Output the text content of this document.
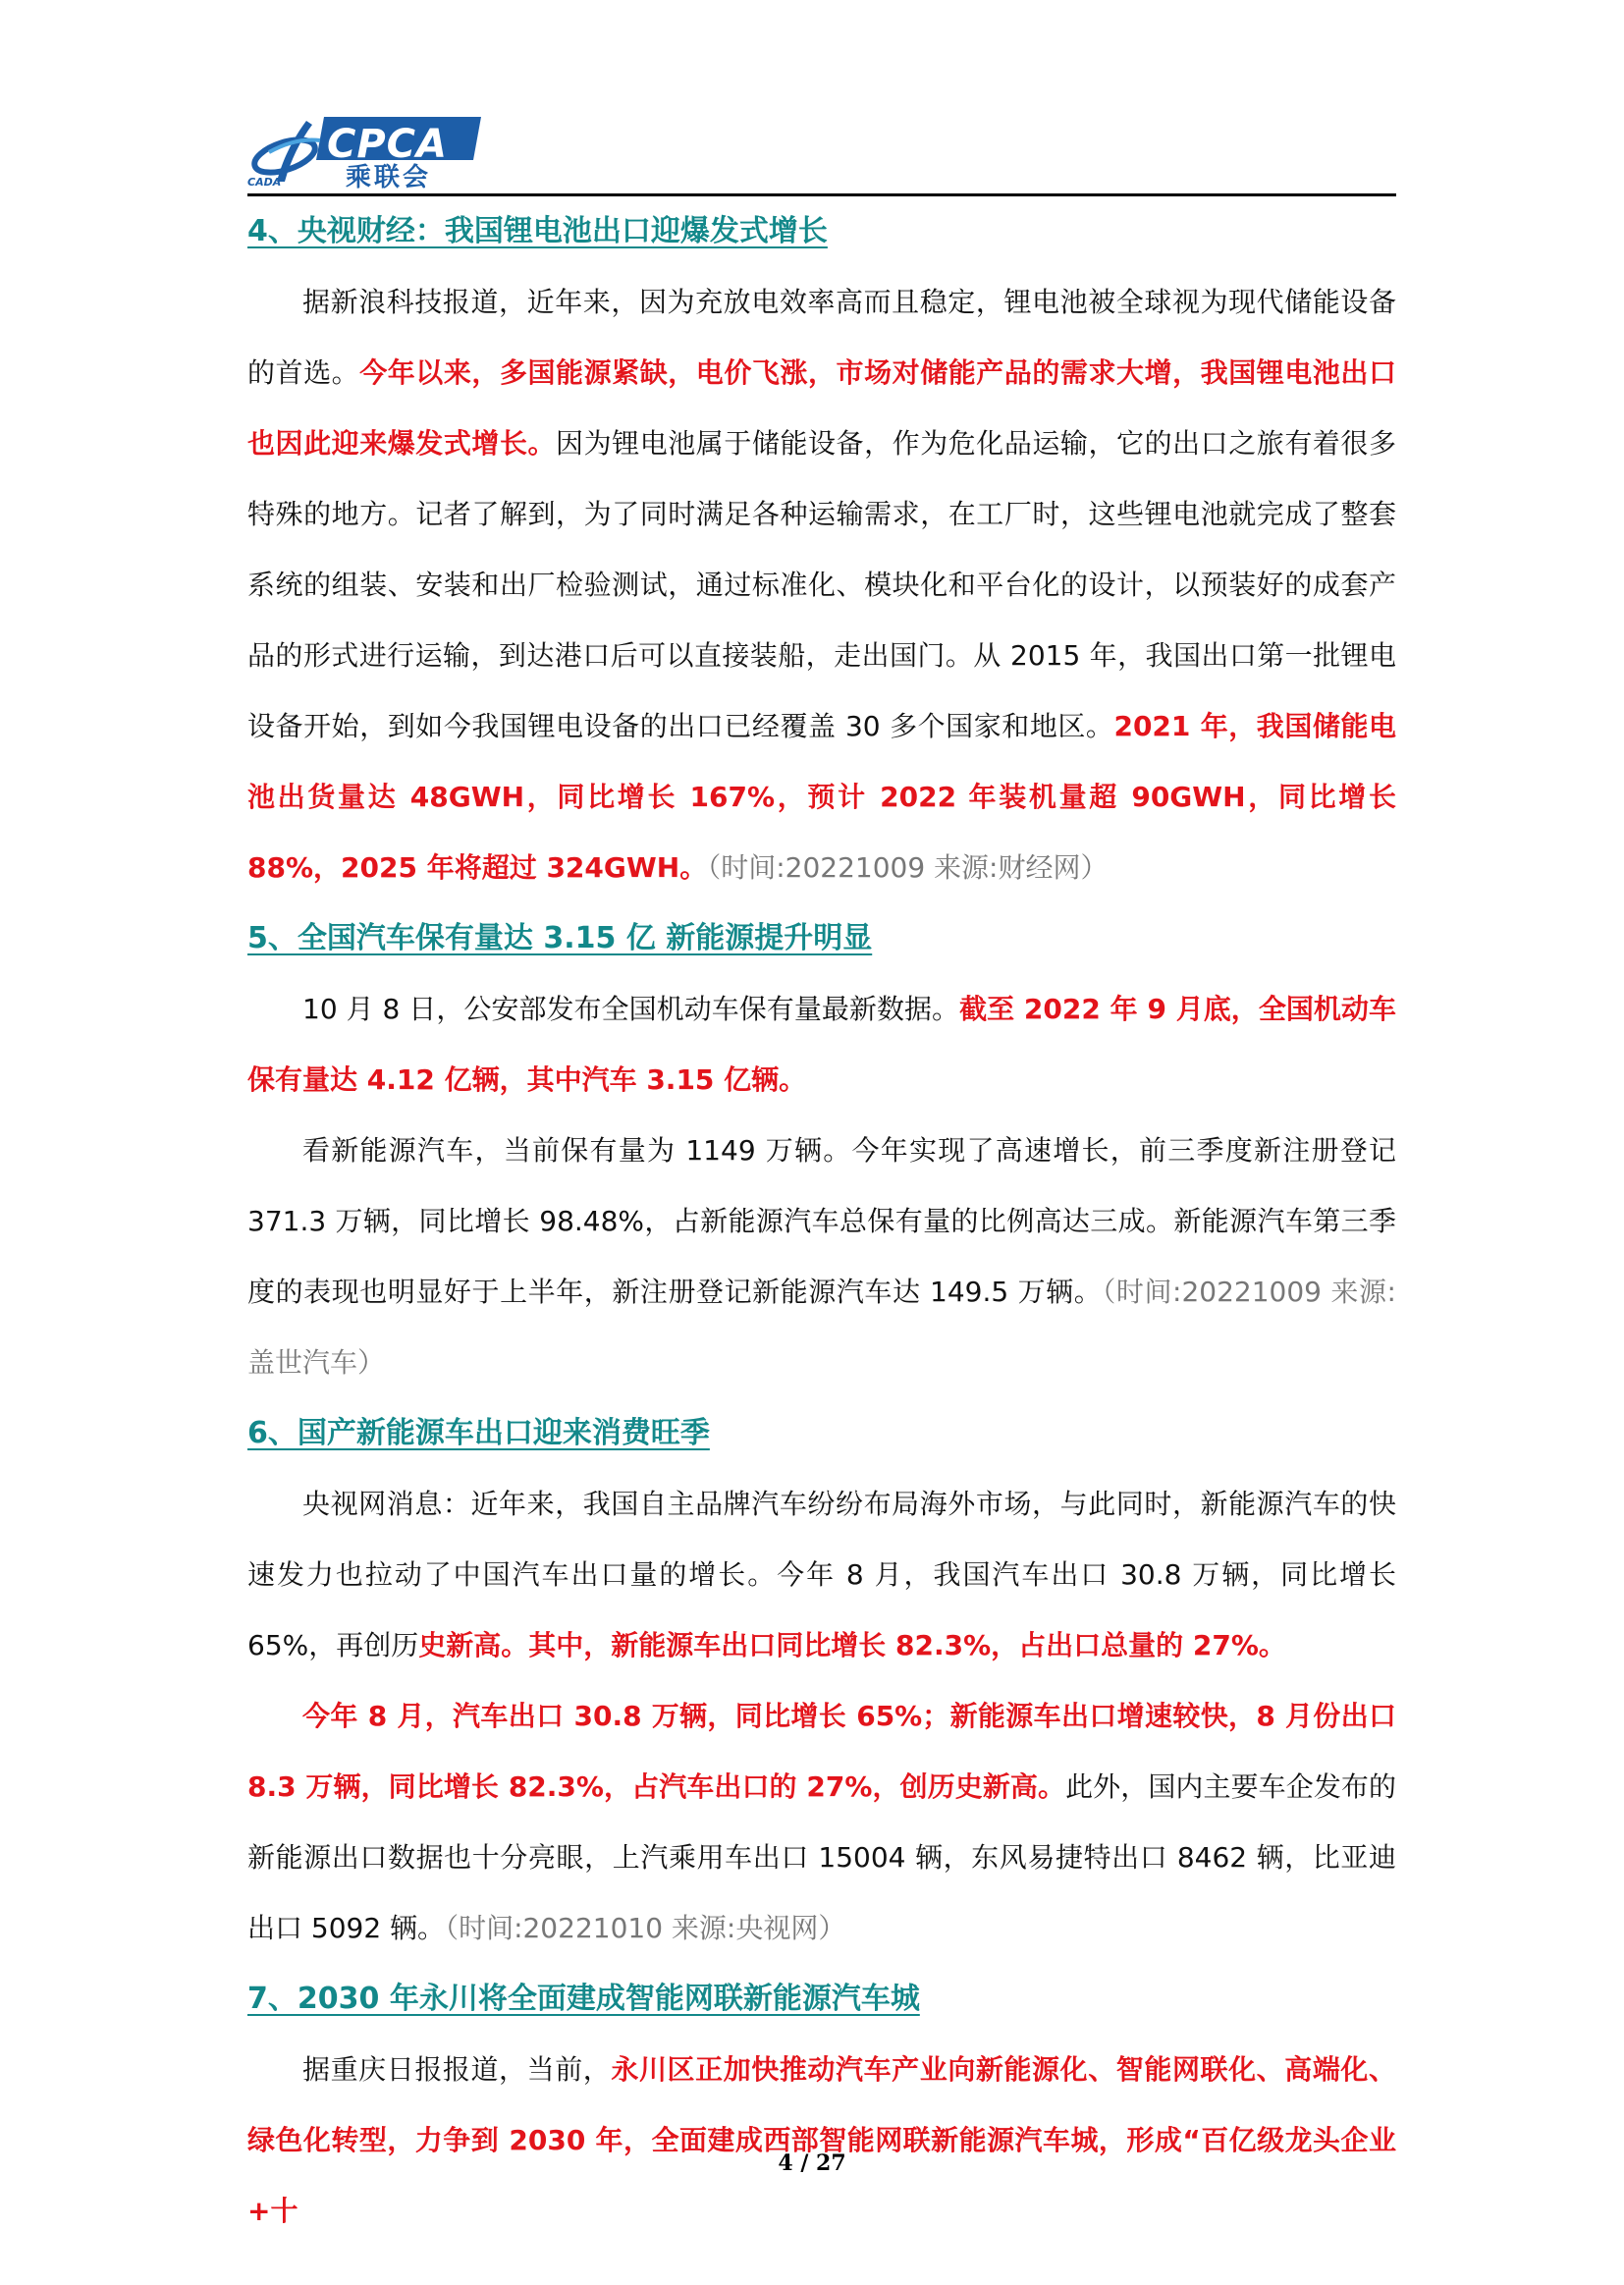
CPCA
乘联会
CADA
4、央视财经：我国锂电池出口迎爆发式增长

据新浪科技报道，近年来，因为充放电效率高而且稳定，锂电池被全球视为现代储能设备的首选。今年以来，多国能源紧缺，电价飞涨，市场对储能产品的需求大增，我国锂电池出口也因此迎来爆发式增长。因为锂电池属于储能设备，作为危化品运输，它的出口之旅有着很多特殊的地方。记者了解到，为了同时满足各种运输需求，在工厂时，这些锂电池就完成了整套系统的组装、安装和出厂检验测试，通过标准化、模块化和平台化的设计，以预装好的成套产品的形式进行运输，到达港口后可以直接装船，走出国门。从 2015 年，我国出口第一批锂电设备开始，到如今我国锂电设备的出口已经覆盖 30 多个国家和地区。2021 年，我国储能电池出货量达 48GWH，同比增长 167%，预计 2022 年装机量超 90GWH，同比增长 88%，2025 年将超过 324GWH。（时间:20221009 来源:财经网）

5、全国汽车保有量达 3.15 亿 新能源提升明显

10 月 8 日，公安部发布全国机动车保有量最新数据。截至 2022 年 9 月底，全国机动车保有量达 4.12 亿辆，其中汽车 3.15 亿辆。

看新能源汽车，当前保有量为 1149 万辆。今年实现了高速增长，前三季度新注册登记 371.3 万辆，同比增长 98.48%，占新能源汽车总保有量的比例高达三成。新能源汽车第三季度的表现也明显好于上半年，新注册登记新能源汽车达 149.5 万辆。（时间:20221009 来源:盖世汽车）

6、国产新能源车出口迎来消费旺季

央视网消息：近年来，我国自主品牌汽车纷纷布局海外市场，与此同时，新能源汽车的快速发力也拉动了中国汽车出口量的增长。今年 8 月，我国汽车出口 30.8 万辆，同比增长 65%，再创历史新高。其中，新能源车出口同比增长 82.3%，占出口总量的 27%。

今年 8 月，汽车出口 30.8 万辆，同比增长 65%；新能源车出口增速较快，8 月份出口 8.3 万辆，同比增长 82.3%，占汽车出口的 27%，创历史新高。此外，国内主要车企发布的新能源出口数据也十分亮眼，上汽乘用车出口 15004 辆，东风易捷特出口 8462 辆，比亚迪出口 5092 辆。（时间:20221010 来源:央视网）

7、2030 年永川将全面建成智能网联新能源汽车城

据重庆日报报道，当前，永川区正加快推动汽车产业向新能源化、智能网联化、高端化、绿色化转型，力争到 2030 年，全面建成西部智能网联新能源汽车城，形成“百亿级龙头企业+十

4 / 27
